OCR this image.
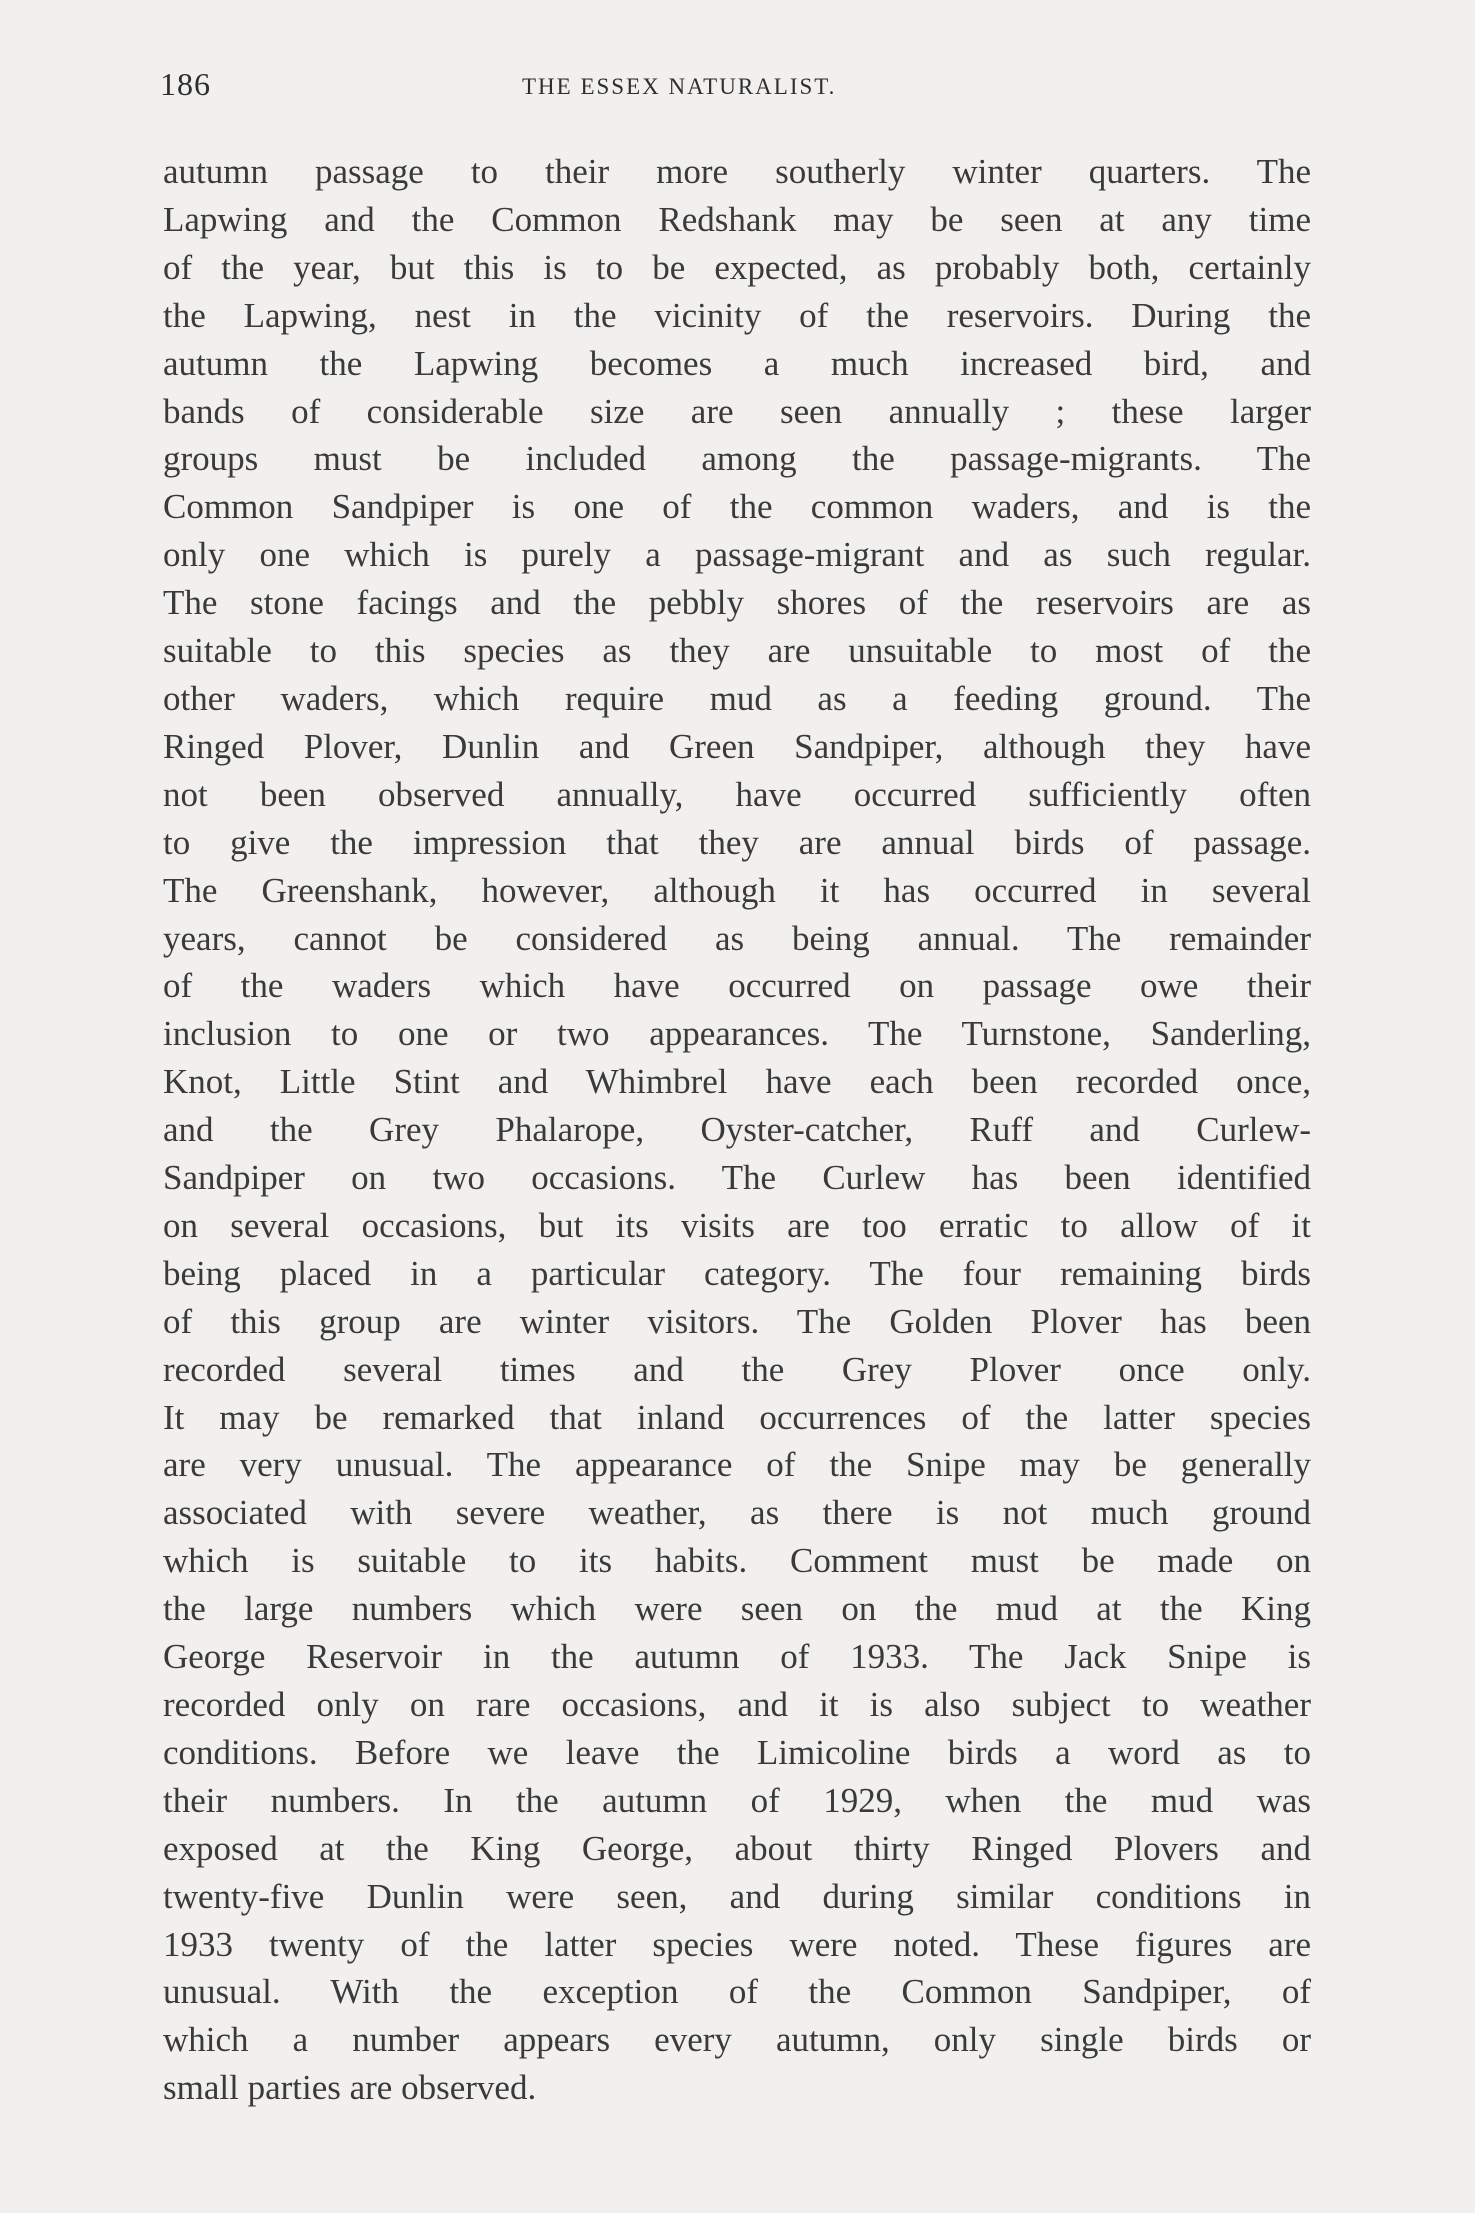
186	THE ESSEX NATURALIST.
autumn passage to their more southerly winter quarters. The
Lapwing and the Common Redshank may be seen at any time
of the year, but this is to be expected, as probably both, certainly
the Lapwing, nest in the vicinity of the reservoirs. During the
autumn the Lapwing becomes a much increased bird, and
bands of considerable size are seen annually ; these larger
groups must be included among the passage-migrants. The
Common Sandpiper is one of the common waders, and is the
only one which is purely a passage-migrant and as such regular.
The stone facings and the pebbly shores of the reservoirs are as
suitable to this species as they are unsuitable to most of the
other waders, which require mud as a feeding ground. The
Ringed Plover, Dunlin and Green Sandpiper, although they have
not been observed annually, have occurred sufficiently often
to give the impression that they are annual birds of passage.
The Greenshank, however, although it has occurred in several
years, cannot be considered as being annual. The remainder
of the waders which have occurred on passage owe their
inclusion to one or two appearances. The Turnstone, Sanderling,
Knot, Little Stint and Whimbrel have each been recorded once,
and the Grey Phalarope, Oyster-catcher, Ruff and Curlew-
Sandpiper on two occasions. The Curlew has been identified
on several occasions, but its visits are too erratic to allow of it
being placed in a particular category. The four remaining birds
of this group are winter visitors. The Golden Plover has been
recorded several times and the Grey Plover once only.
It may be remarked that inland occurrences of the latter species
are very unusual. The appearance of the Snipe may be generally
associated with severe weather, as there is not much ground
which is suitable to its habits. Comment must be made on
the large numbers which were seen on the mud at the King
George Reservoir in the autumn of 1933. The Jack Snipe is
recorded only on rare occasions, and it is also subject to weather
conditions. Before we leave the Limicoline birds a word as to
their numbers. In the autumn of 1929, when the mud was
exposed at the King George, about thirty Ringed Plovers and
twenty-five Dunlin were seen, and during similar conditions in
1933 twenty of the latter species were noted. These figures are
unusual. With the exception of the Common Sandpiper, of
which a number appears every autumn, only single birds or
small parties are observed.
